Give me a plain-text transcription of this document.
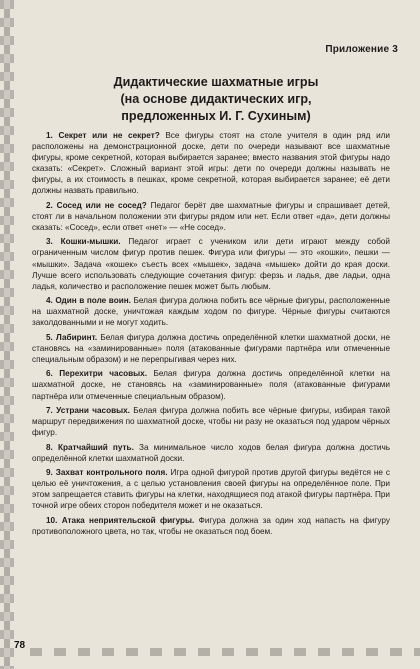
Приложение 3
Дидактические шахматные игры
(на основе дидактических игр,
предложенных И. Г. Сухиным)

1. Секрет или не секрет? Все фигуры стоят на столе учителя в один ряд или расположены на демонстрационной доске, дети по очереди называют все шахматные фигуры, кроме секретной, которая выбирается заранее; вместо названия этой фигуры надо сказать: «Секрет». Сложный вариант этой игры: дети по очереди должны называть не фигуры, а их стоимость в пешках, кроме секретной, которая выбирается заранее; её дети должны назвать правильно.

2. Сосед или не сосед? Педагог берёт две шахматные фигуры и спрашивает детей, стоят ли в начальном положении эти фигуры рядом или нет. Если ответ «да», дети должны сказать: «Сосед», если ответ «нет» — «Не сосед».

3. Кошки-мышки. Педагог играет с учеником или дети играют между собой ограниченным числом фигур против пешек. Фигура или фигуры — это «кошки», пешки — «мышки». Задача «кошек» съесть всех «мышек», задача «мышек» дойти до края доски. Лучше всего использовать следующие сочетания фигур: ферзь и ладья, две ладьи, одна ладья, количество и расположение пешек может быть любым.

4. Один в поле воин. Белая фигура должна побить все чёрные фигуры, расположенные на шахматной доске, уничтожая каждым ходом по фигуре. Чёрные фигуры считаются заколдованными и не могут ходить.

5. Лабиринт. Белая фигура должна достичь определённой клетки шахматной доски, не становясь на «заминированные» поля (атакованные фигурами партнёра или отмеченные специальным образом) и не перепрыгивая через них.

6. Перехитри часовых. Белая фигура должна достичь определённой клетки на шахматной доске, не становясь на «заминированные» поля (атакованные фигурами партнёра или отмеченные специальным образом).

7. Устрани часовых. Белая фигура должна побить все чёрные фигуры, избирая такой маршрут передвижения по шахматной доске, чтобы ни разу не оказаться под ударом чёрных фигур.

8. Кратчайший путь. За минимальное число ходов белая фигура должна достичь определённой клетки шахматной доски.

9. Захват контрольного поля. Игра одной фигурой против другой фигуры ведётся не с целью её уничтожения, а с целью установления своей фигуры на определённое поле. При этом запрещается ставить фигуры на клетки, находящиеся под атакой фигуры партнёра. При точной игре обеих сторон победителя может и не оказаться.

10. Атака неприятельской фигуры. Фигура должна за один ход напасть на фигуру противоположного цвета, но так, чтобы не оказаться под боем.

78
